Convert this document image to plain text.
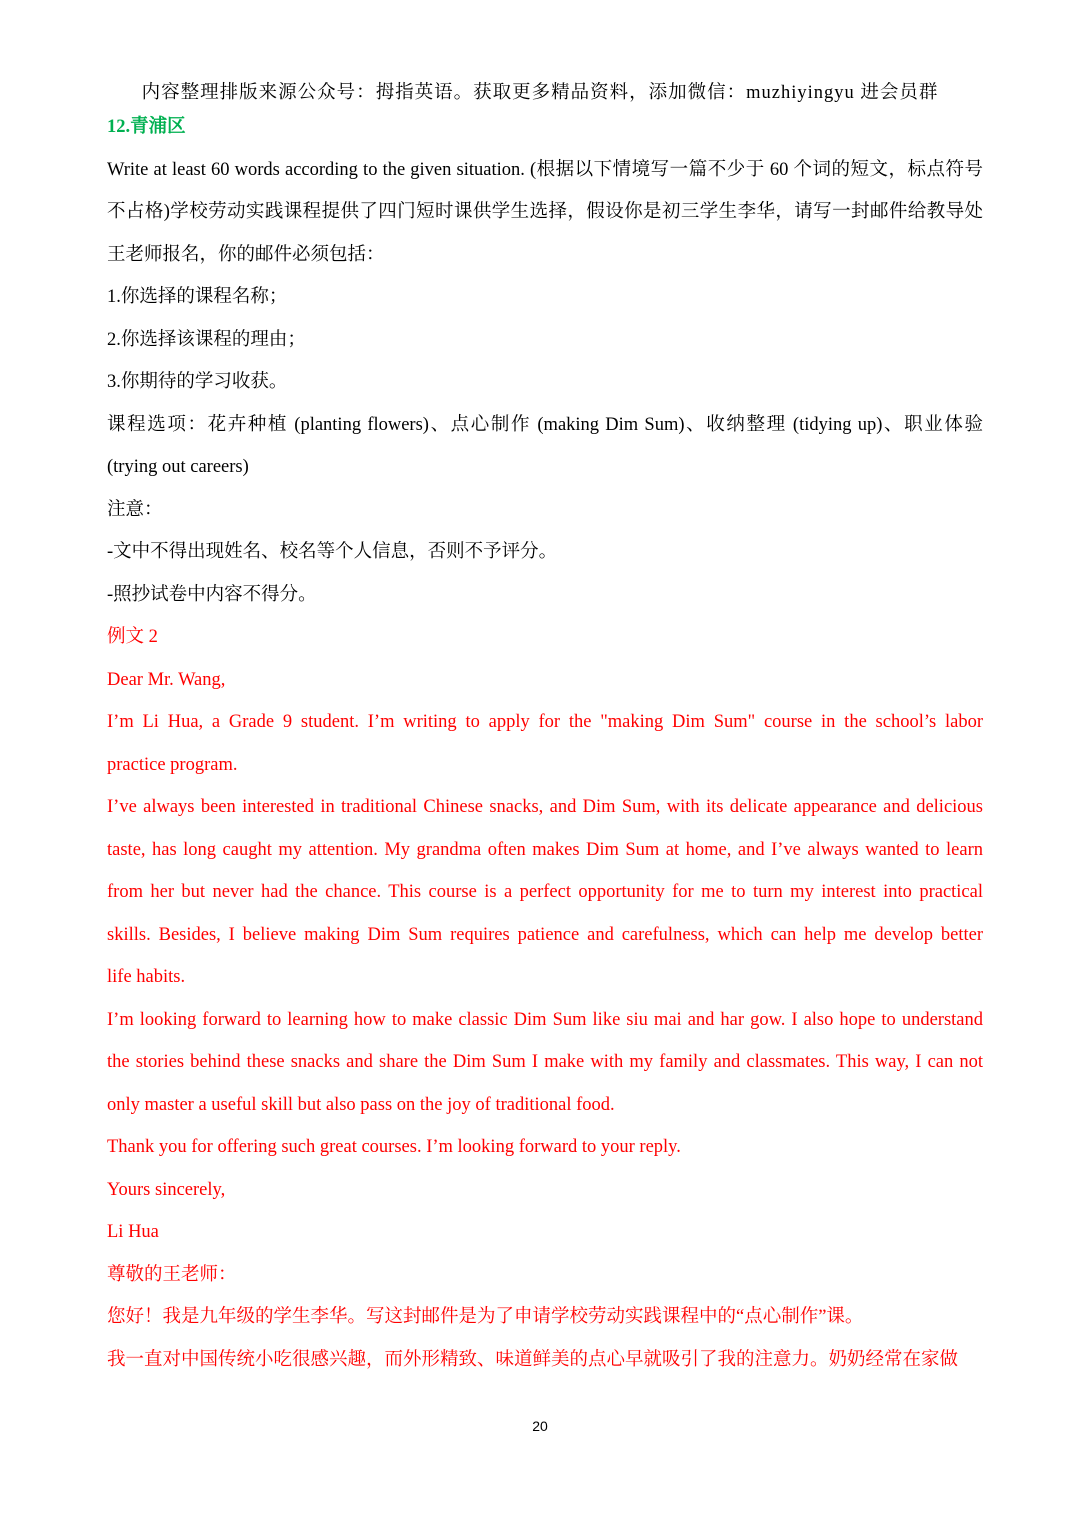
内容整理排版来源公众号：拇指英语。获取更多精品资料，添加微信：muzhiyingyu 进会员群
12.青浦区
Write at least 60 words according to the given situation. (根据以下情境写一篇不少于 60 个词的短文，标点符号
不占格)学校劳动实践课程提供了四门短时课供学生选择，假设你是初三学生李华，请写一封邮件给教导处
王老师报名，你的邮件必须包括：
1.你选择的课程名称；
2.你选择该课程的理由；
3.你期待的学习收获。
课程选项：花卉种植 (planting flowers)、点心制作 (making Dim Sum)、收纳整理 (tidying up)、职业体验
(trying out careers)
注意：
-文中不得出现姓名、校名等个人信息，否则不予评分。
-照抄试卷中内容不得分。
例文 2
Dear Mr. Wang,
I’m Li Hua, a Grade 9 student. I’m writing to apply for the "making Dim Sum" course in the school’s labor
practice program.
I’ve always been interested in traditional Chinese snacks, and Dim Sum, with its delicate appearance and delicious
taste, has long caught my attention. My grandma often makes Dim Sum at home, and I’ve always wanted to learn
from her but never had the chance. This course is a perfect opportunity for me to turn my interest into practical
skills. Besides, I believe making Dim Sum requires patience and carefulness, which can help me develop better
life habits.
I’m looking forward to learning how to make classic Dim Sum like siu mai and har gow. I also hope to understand
the stories behind these snacks and share the Dim Sum I make with my family and classmates. This way, I can not
only master a useful skill but also pass on the joy of traditional food.
Thank you for offering such great courses. I’m looking forward to your reply.
Yours sincerely,
Li Hua
尊敬的王老师：
您好！我是九年级的学生李华。写这封邮件是为了申请学校劳动实践课程中的“点心制作”课。
我一直对中国传统小吃很感兴趣，而外形精致、味道鲜美的点心早就吸引了我的注意力。奶奶经常在家做
20
